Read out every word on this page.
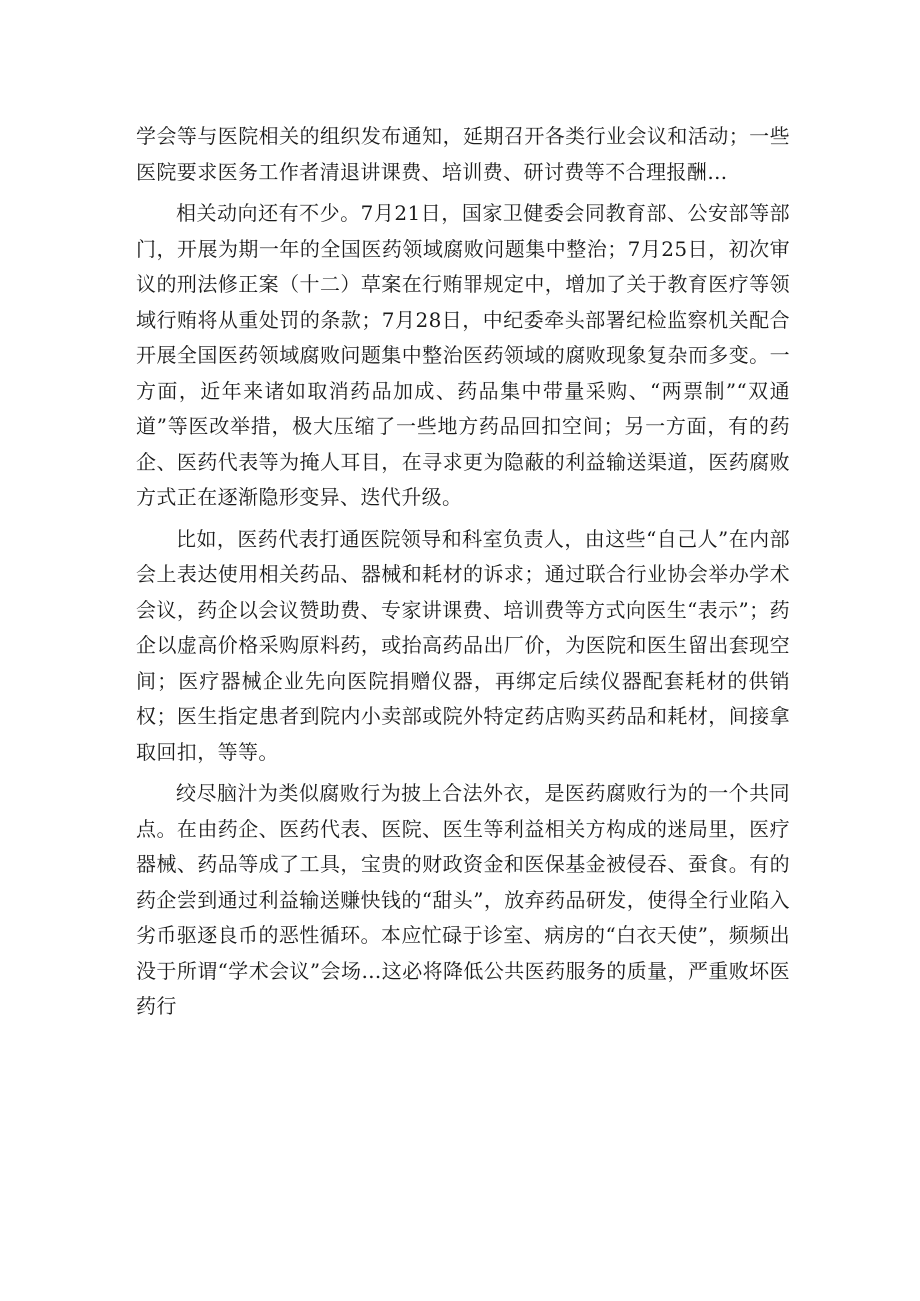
学会等与医院相关的组织发布通知，延期召开各类行业会议和活动；一些医院要求医务工作者清退讲课费、培训费、研讨费等不合理报酬…

相关动向还有不少。7月21日，国家卫健委会同教育部、公安部等部门，开展为期一年的全国医药领域腐败问题集中整治；7月25日，初次审议的刑法修正案（十二）草案在行贿罪规定中，增加了关于教育医疗等领域行贿将从重处罚的条款；7月28日，中纪委牵头部署纪检监察机关配合开展全国医药领域腐败问题集中整治医药领域的腐败现象复杂而多变。一方面，近年来诸如取消药品加成、药品集中带量采购、“两票制”“双通道”等医改举措，极大压缩了一些地方药品回扣空间；另一方面，有的药企、医药代表等为掩人耳目，在寻求更为隐蔽的利益输送渠道，医药腐败方式正在逐渐隐形变异、迭代升级。

比如，医药代表打通医院领导和科室负责人，由这些“自己人”在内部会上表达使用相关药品、器械和耗材的诉求；通过联合行业协会举办学术会议，药企以会议赞助费、专家讲课费、培训费等方式向医生“表示”；药企以虚高价格采购原料药，或抬高药品出厂价，为医院和医生留出套现空间；医疗器械企业先向医院捐赠仪器，再绑定后续仪器配套耗材的供销权；医生指定患者到院内小卖部或院外特定药店购买药品和耗材，间接拿取回扣，等等。

绞尽脑汁为类似腐败行为披上合法外衣，是医药腐败行为的一个共同点。在由药企、医药代表、医院、医生等利益相关方构成的迷局里，医疗器械、药品等成了工具，宝贵的财政资金和医保基金被侵吞、蚕食。有的药企尝到通过利益输送赚快钱的“甜头”，放弃药品研发，使得全行业陷入劣币驱逐良币的恶性循环。本应忙碌于诊室、病房的“白衣天使”，频频出没于所谓“学术会议”会场…这必将降低公共医药服务的质量，严重败坏医药行
